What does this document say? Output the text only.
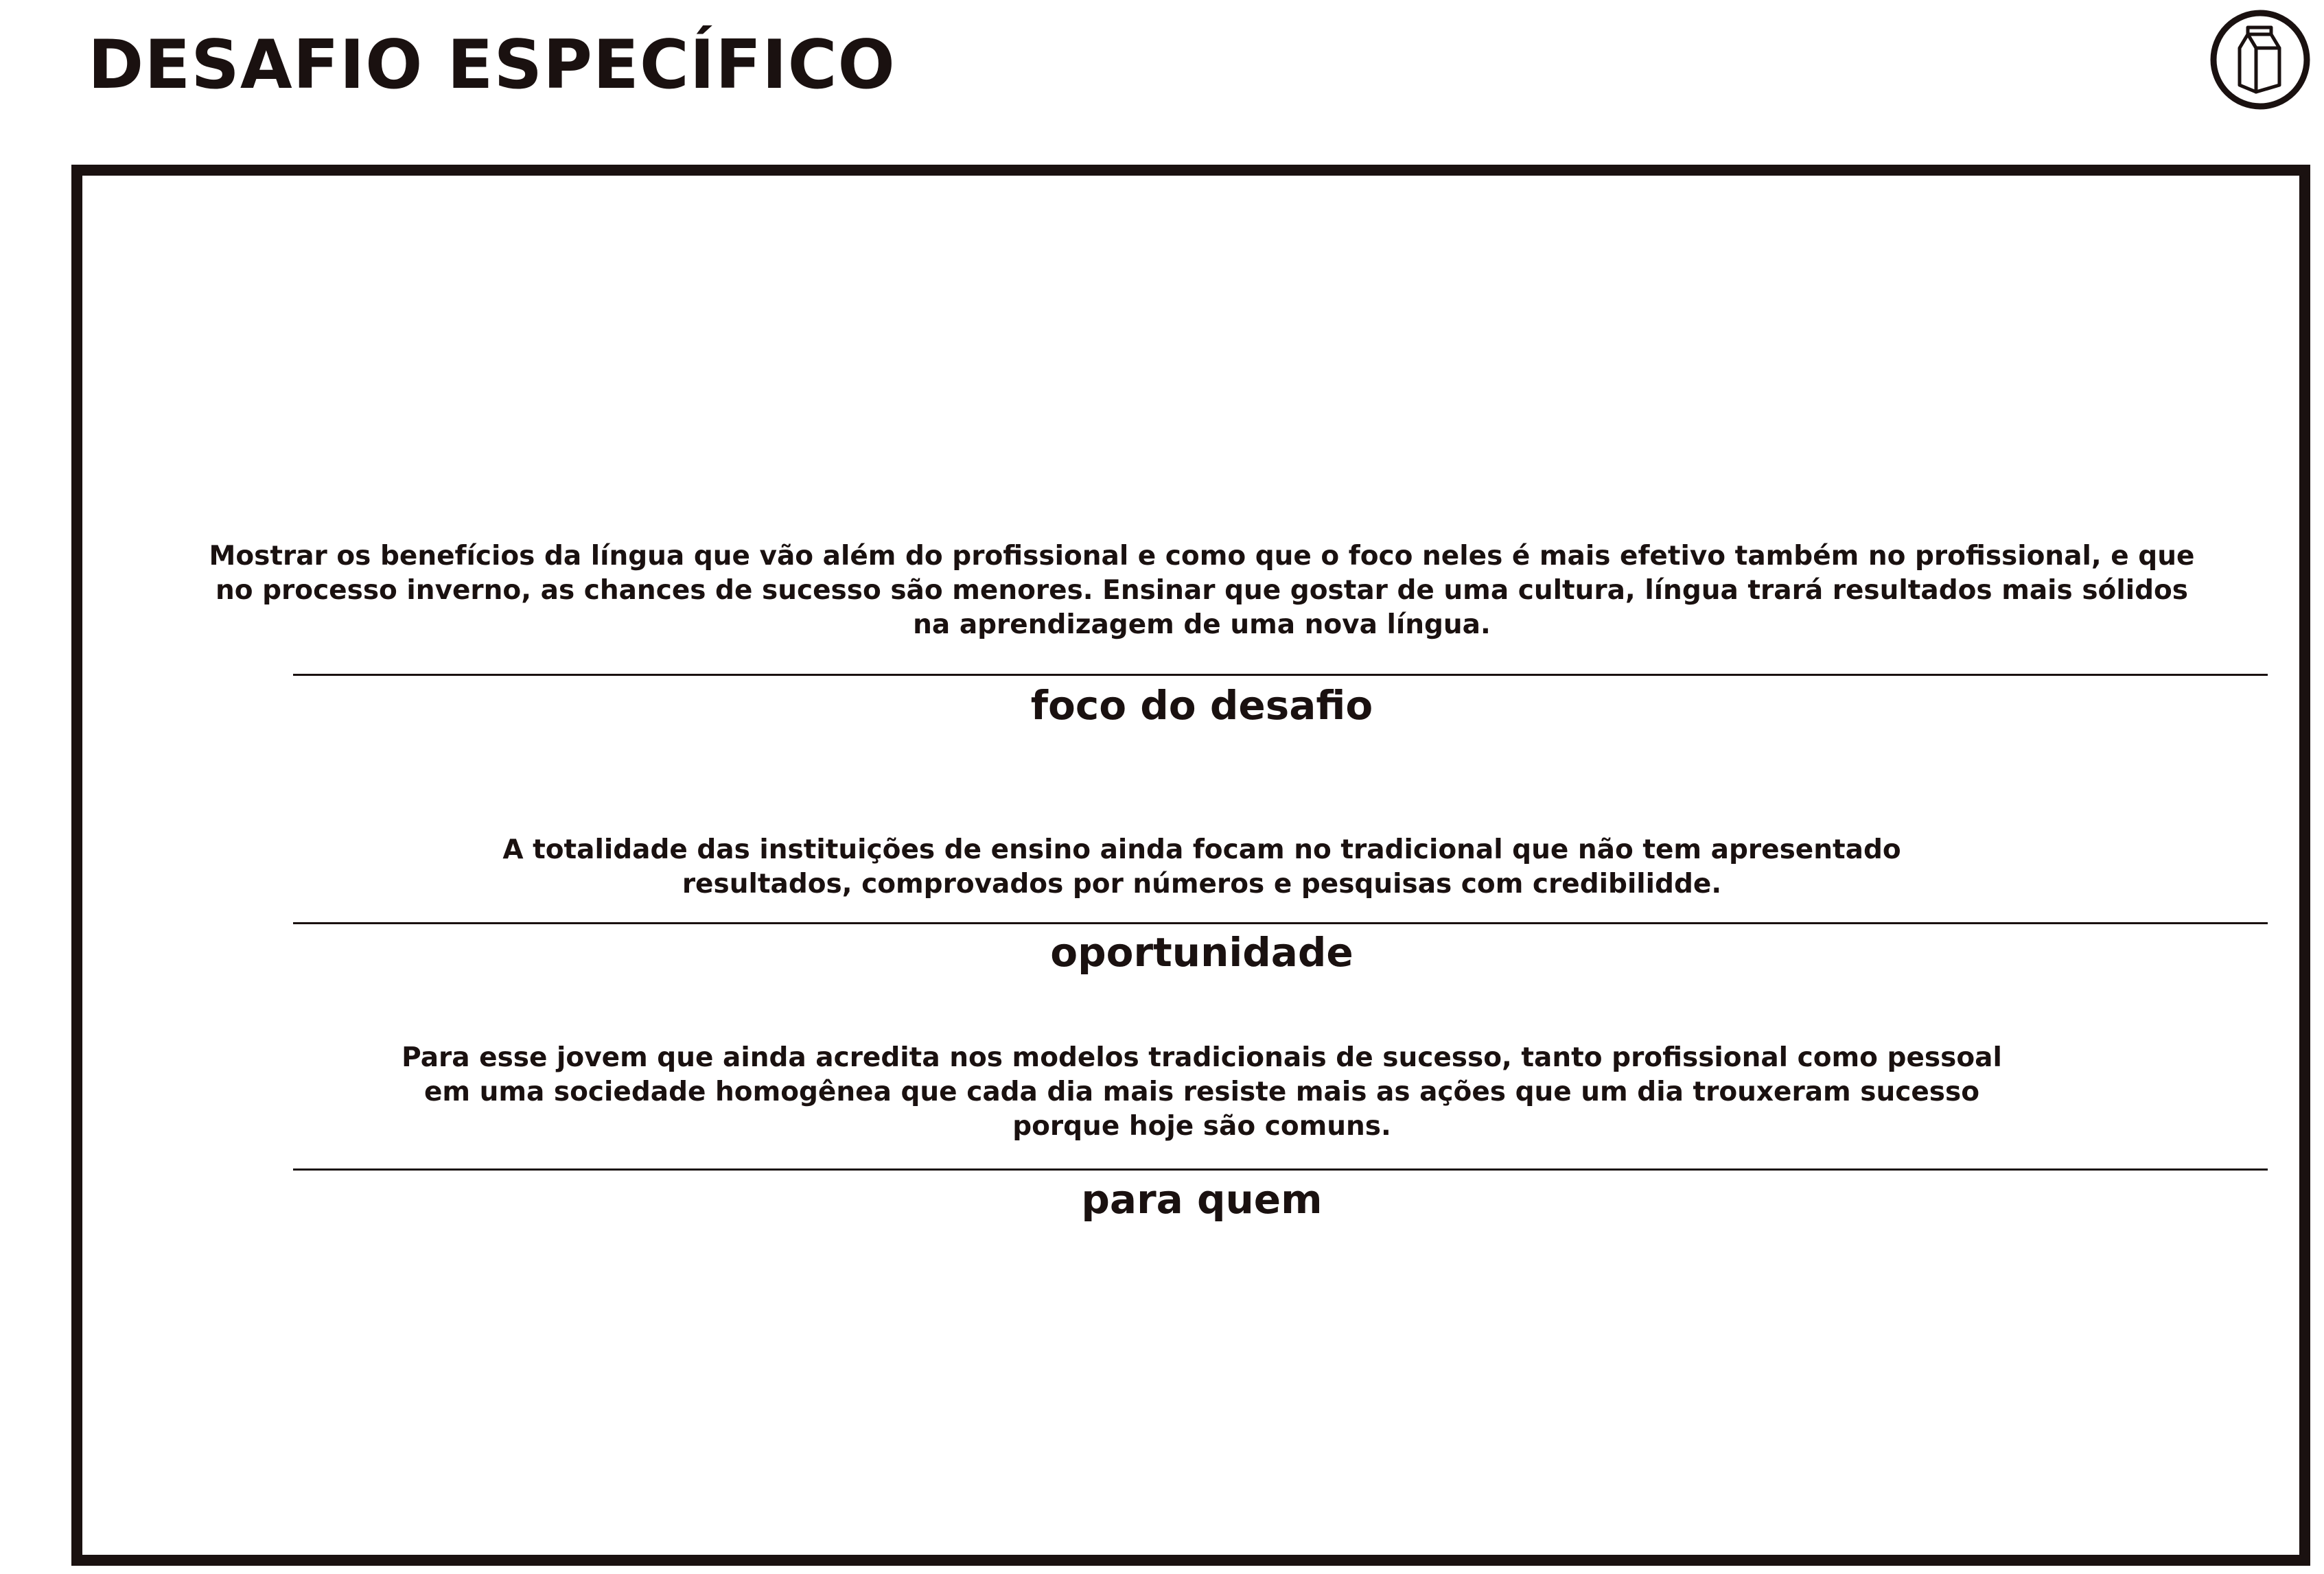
DESAFIO ESPECÍFICO

Mostrar os benefícios da língua que vão além do profissional e como que o foco neles é mais efetivo também no profissional, e que
no processo inverno, as chances de sucesso são menores. Ensinar que gostar de uma cultura, língua trará resultados mais sólidos
na aprendizagem de uma nova língua.

foco do desafio

A totalidade das instituições de ensino ainda focam no tradicional que não tem apresentado
resultados, comprovados por números e pesquisas com credibilidde.

oportunidade

Para esse jovem que ainda acredita nos modelos tradicionais de sucesso, tanto profissional como pessoal
em uma sociedade homogênea que cada dia mais resiste mais as ações que um dia trouxeram sucesso
porque hoje são comuns.

para quem
